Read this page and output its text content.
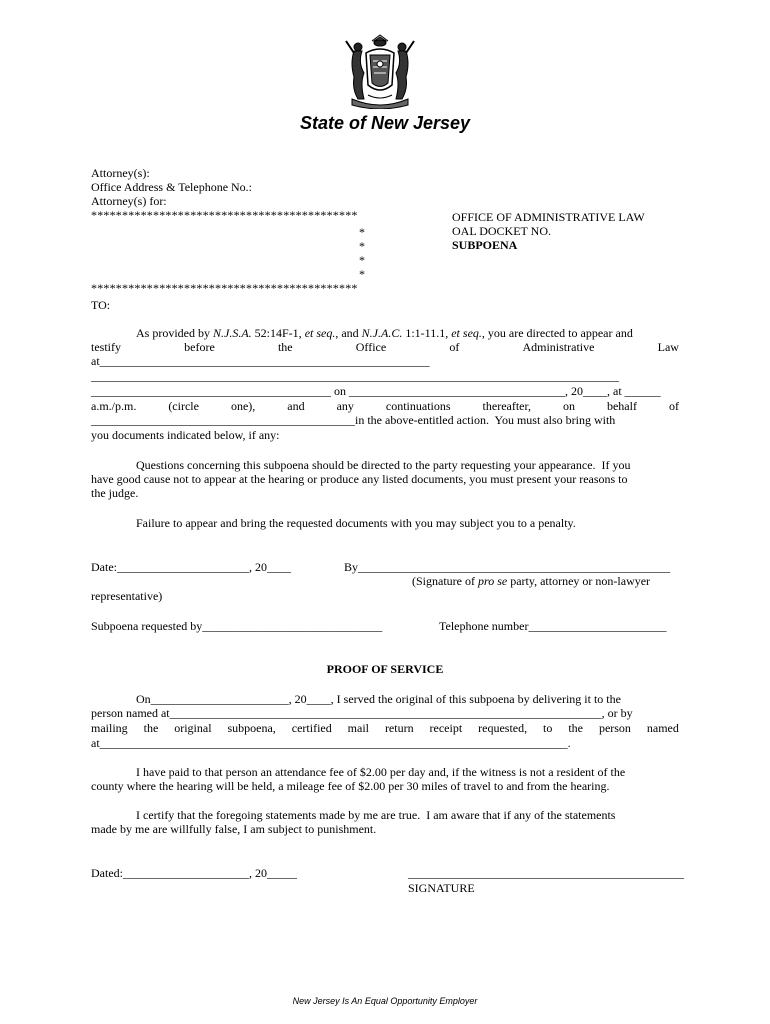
State of New Jersey
Attorney(s):
Office Address & Telephone No.:
Attorney(s) for:
*******************************************
*
*
*
*
*******************************************
OFFICE OF ADMINISTRATIVE LAW
OAL DOCKET NO.
SUBPOENA
TO:
As provided by N.J.S.A. 52:14F-1, et seq., and N.J.A.C. 1:1-11.1, et seq., you are directed to appear and
testify	before	the	Office	of	Administrative	Law
at_______________________________________________________
________________________________________________________________________________________
________________________________________ on ____________________________________, 20____, at ______
a.m./p.m.	(circle	one),	and	any	continuations	thereafter,	on	behalf	of
____________________________________________in the above-entitled action.  You must also bring with
you documents indicated below, if any:
Questions concerning this subpoena should be directed to the party requesting your appearance.  If you
have good cause not to appear at the hearing or produce any listed documents, you must present your reasons to
the judge.
Failure to appear and bring the requested documents with you may subject you to a penalty.
Date:______________________, 20____	By ____________________________________________________
(Signature of pro se party, attorney or non-lawyer
representative)
Subpoena requested by______________________________	Telephone number_______________________
PROOF OF SERVICE
On_______________________, 20____, I served the original of this subpoena by delivering it to the
person named at________________________________________________________________________, or by
mailing the original subpoena, certified mail return receipt requested, to the person named
at______________________________________________________________________________.
I have paid to that person an attendance fee of $2.00 per day and, if the witness is not a resident of the
county where the hearing will be held, a mileage fee of $2.00 per 30 miles of travel to and from the hearing.
I certify that the foregoing statements made by me are true.  I am aware that if any of the statements
made by me are willfully false, I am subject to punishment.
Dated:_____________________, 20_____	______________________________________________
SIGNATURE
New Jersey Is An Equal Opportunity Employer
